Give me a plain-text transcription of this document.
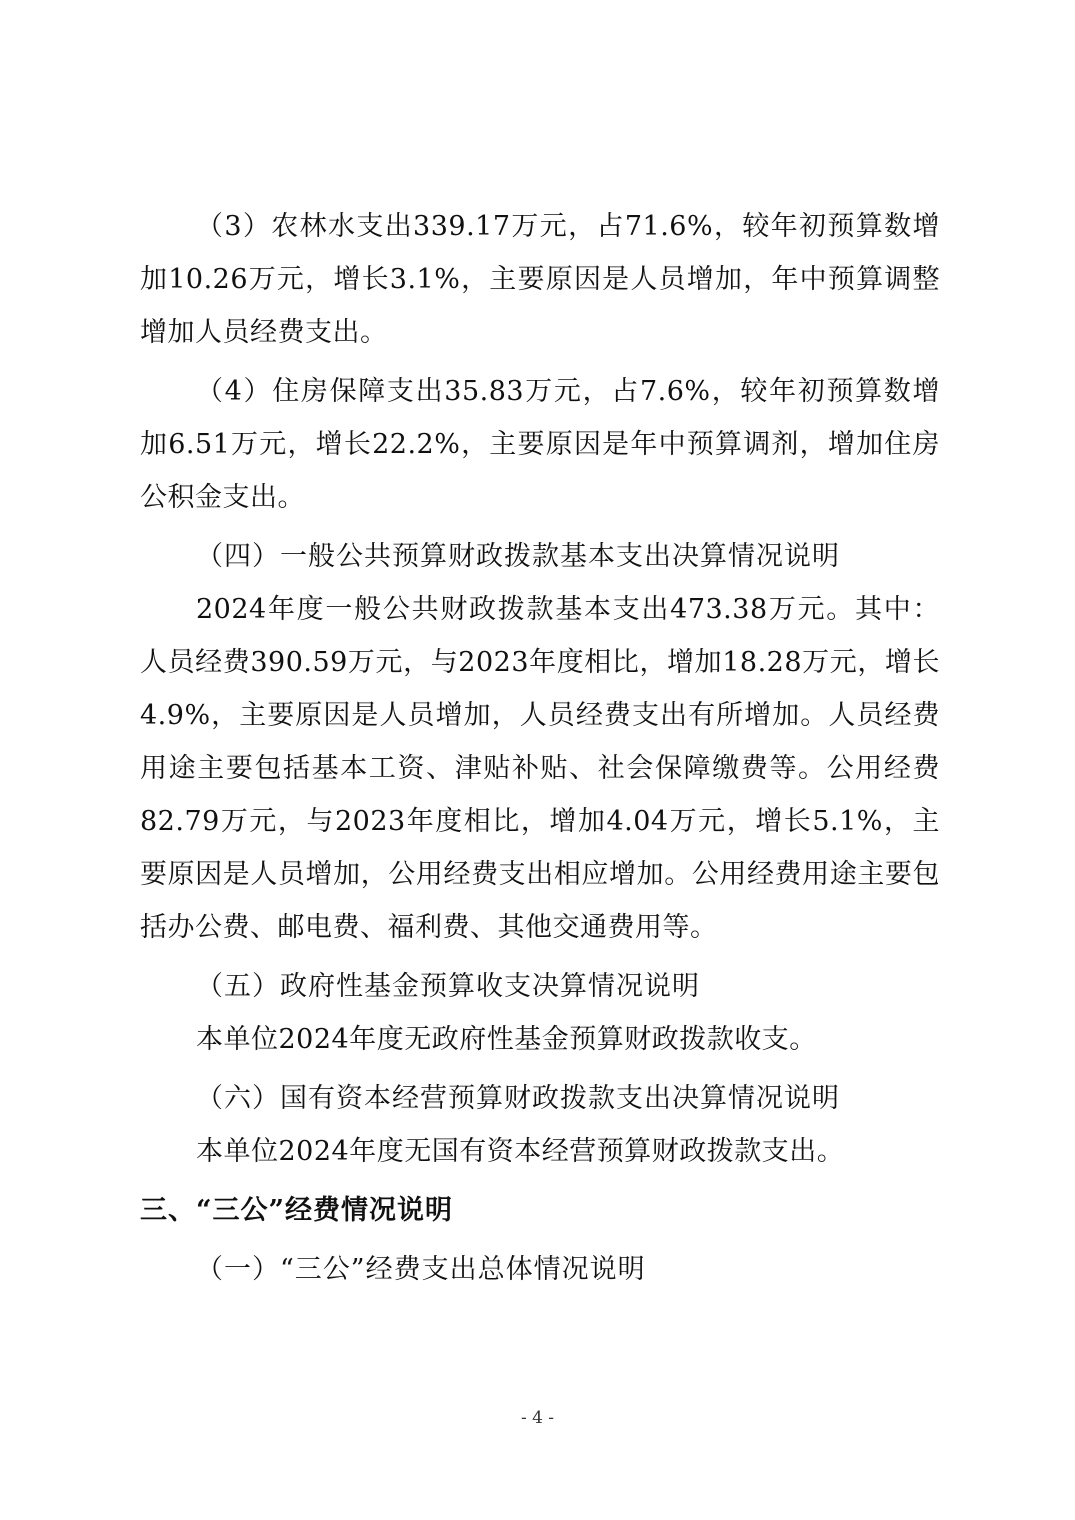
（3）农林水支出339.17万元，占71.6%，较年初预算数增加10.26万元，增长3.1%，主要原因是人员增加，年中预算调整增加人员经费支出。

（4）住房保障支出35.83万元，占7.6%，较年初预算数增加6.51万元，增长22.2%，主要原因是年中预算调剂，增加住房公积金支出。

（四）一般公共预算财政拨款基本支出决算情况说明

2024年度一般公共财政拨款基本支出473.38万元。其中：人员经费390.59万元，与2023年度相比，增加18.28万元，增长4.9%，主要原因是人员增加，人员经费支出有所增加。人员经费用途主要包括基本工资、津贴补贴、社会保障缴费等。公用经费82.79万元，与2023年度相比，增加4.04万元，增长5.1%，主要原因是人员增加，公用经费支出相应增加。公用经费用途主要包括办公费、邮电费、福利费、其他交通费用等。

（五）政府性基金预算收支决算情况说明

本单位2024年度无政府性基金预算财政拨款收支。

（六）国有资本经营预算财政拨款支出决算情况说明

本单位2024年度无国有资本经营预算财政拨款支出。

三、“三公”经费情况说明

（一）“三公”经费支出总体情况说明

- 4 -
